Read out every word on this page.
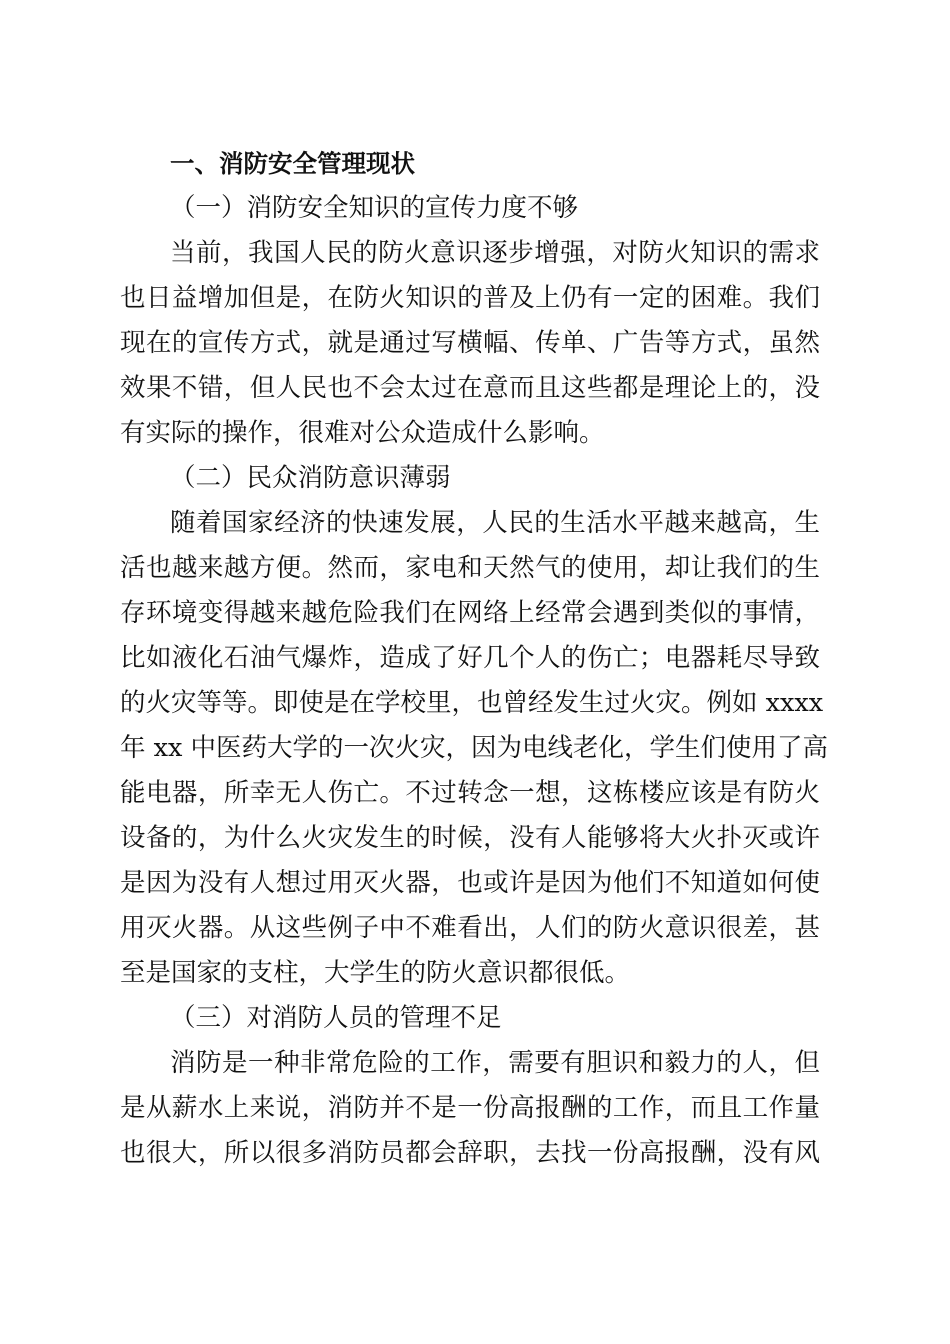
一、消防安全管理现状
（一）消防安全知识的宣传力度不够
当前，我国人民的防火意识逐步增强，对防火知识的需求
也日益增加但是，在防火知识的普及上仍有一定的困难。我们
现在的宣传方式，就是通过写横幅、传单、广告等方式，虽然
效果不错，但人民也不会太过在意而且这些都是理论上的，没
有实际的操作，很难对公众造成什么影响。
（二）民众消防意识薄弱
随着国家经济的快速发展，人民的生活水平越来越高，生
活也越来越方便。然而，家电和天然气的使用，却让我们的生
存环境变得越来越危险我们在网络上经常会遇到类似的事情，
比如液化石油气爆炸，造成了好几个人的伤亡；电器耗尽导致
的火灾等等。即使是在学校里，也曾经发生过火灾。例如 xxxx
年 xx 中医药大学的一次火灾，因为电线老化，学生们使用了高
能电器，所幸无人伤亡。不过转念一想，这栋楼应该是有防火
设备的，为什么火灾发生的时候，没有人能够将大火扑灭或许
是因为没有人想过用灭火器，也或许是因为他们不知道如何使
用灭火器。从这些例子中不难看出，人们的防火意识很差，甚
至是国家的支柱，大学生的防火意识都很低。
（三）对消防人员的管理不足
消防是一种非常危险的工作，需要有胆识和毅力的人，但
是从薪水上来说，消防并不是一份高报酬的工作，而且工作量
也很大，所以很多消防员都会辞职，去找一份高报酬，没有风
